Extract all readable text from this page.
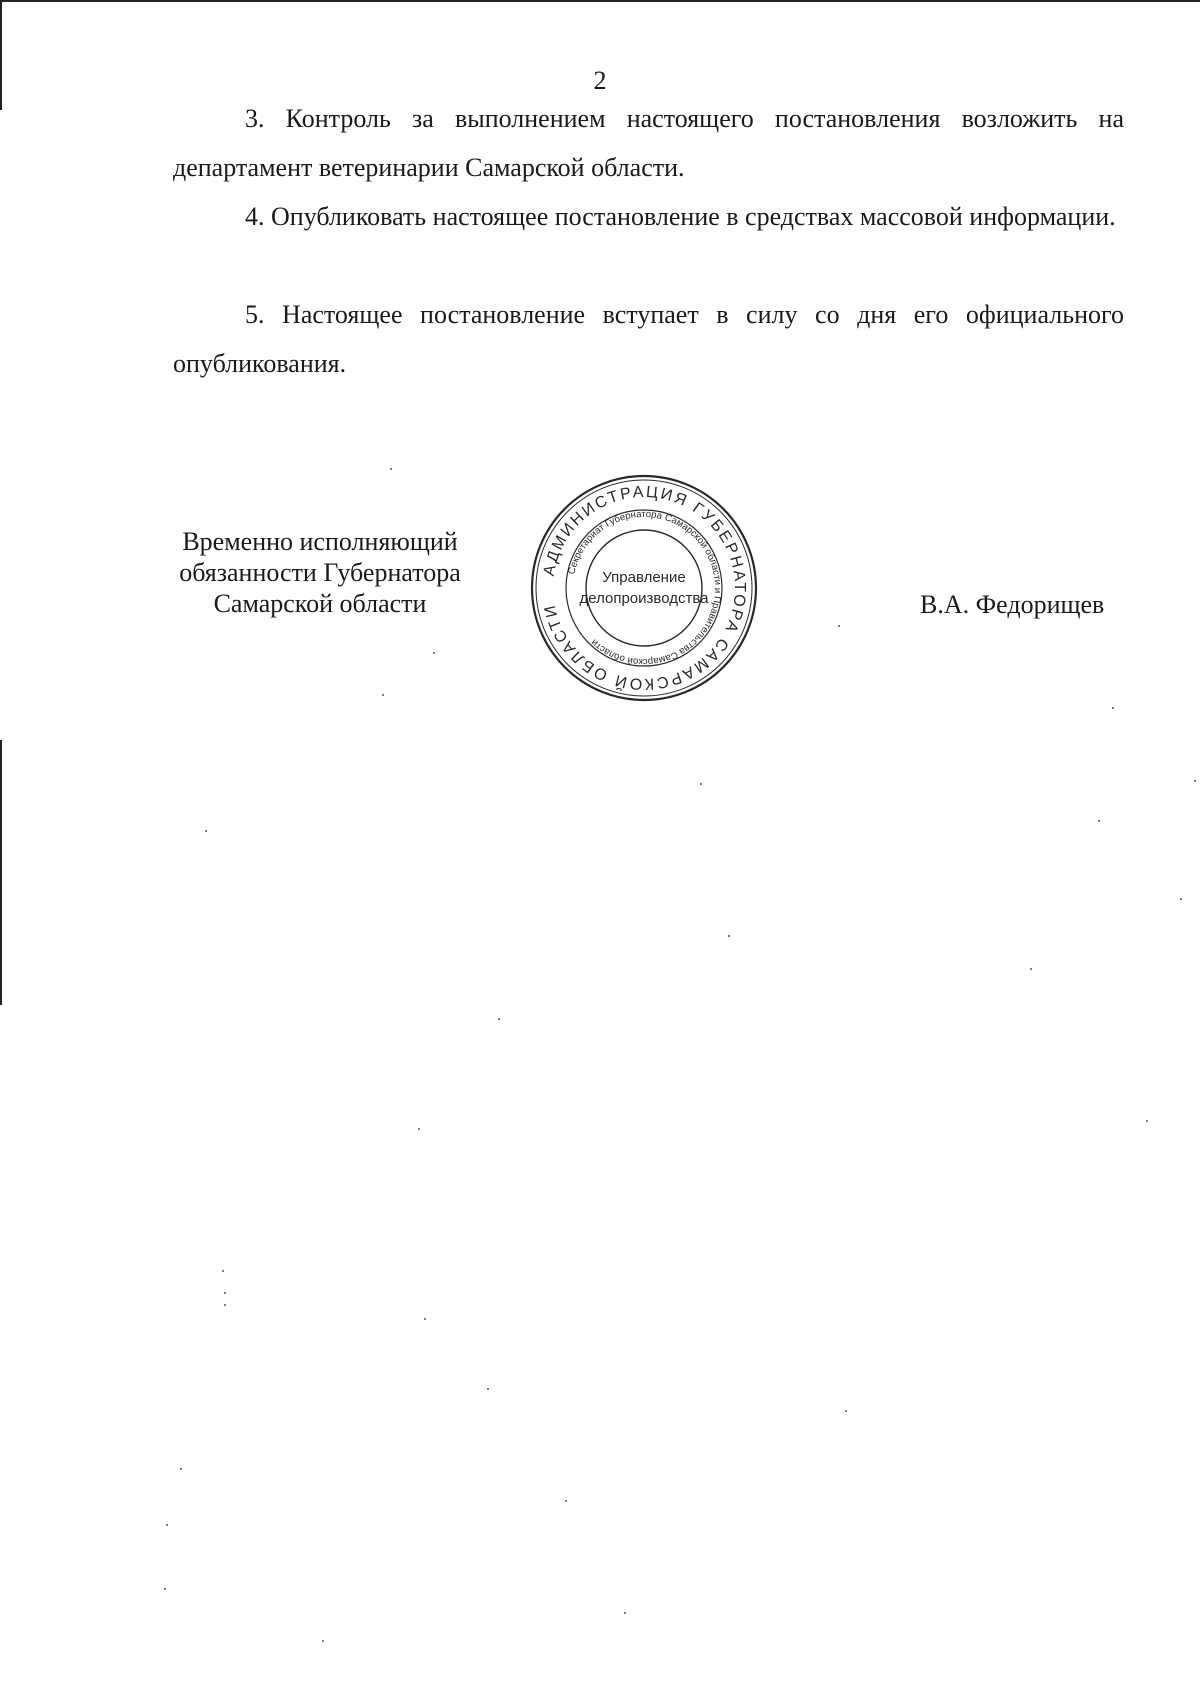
2

3. Контроль за выполнением настоящего постановления возложить на департамент ветеринарии Самарской области.

4. Опубликовать настоящее постановление в средствах массовой информации.

5. Настоящее постановление вступает в силу со дня его официального опубликования.

Временно исполняющий
обязанности Губернатора
Самарской области
АДМИНИСТРАЦИЯ ГУБЕРНАТОРА САМАРСКОЙ ОБЛАСТИ
Секретариат Губернатора Самарской области и Правительства Самарской области
Управление
делопроизводства	В.А. Федорищев
